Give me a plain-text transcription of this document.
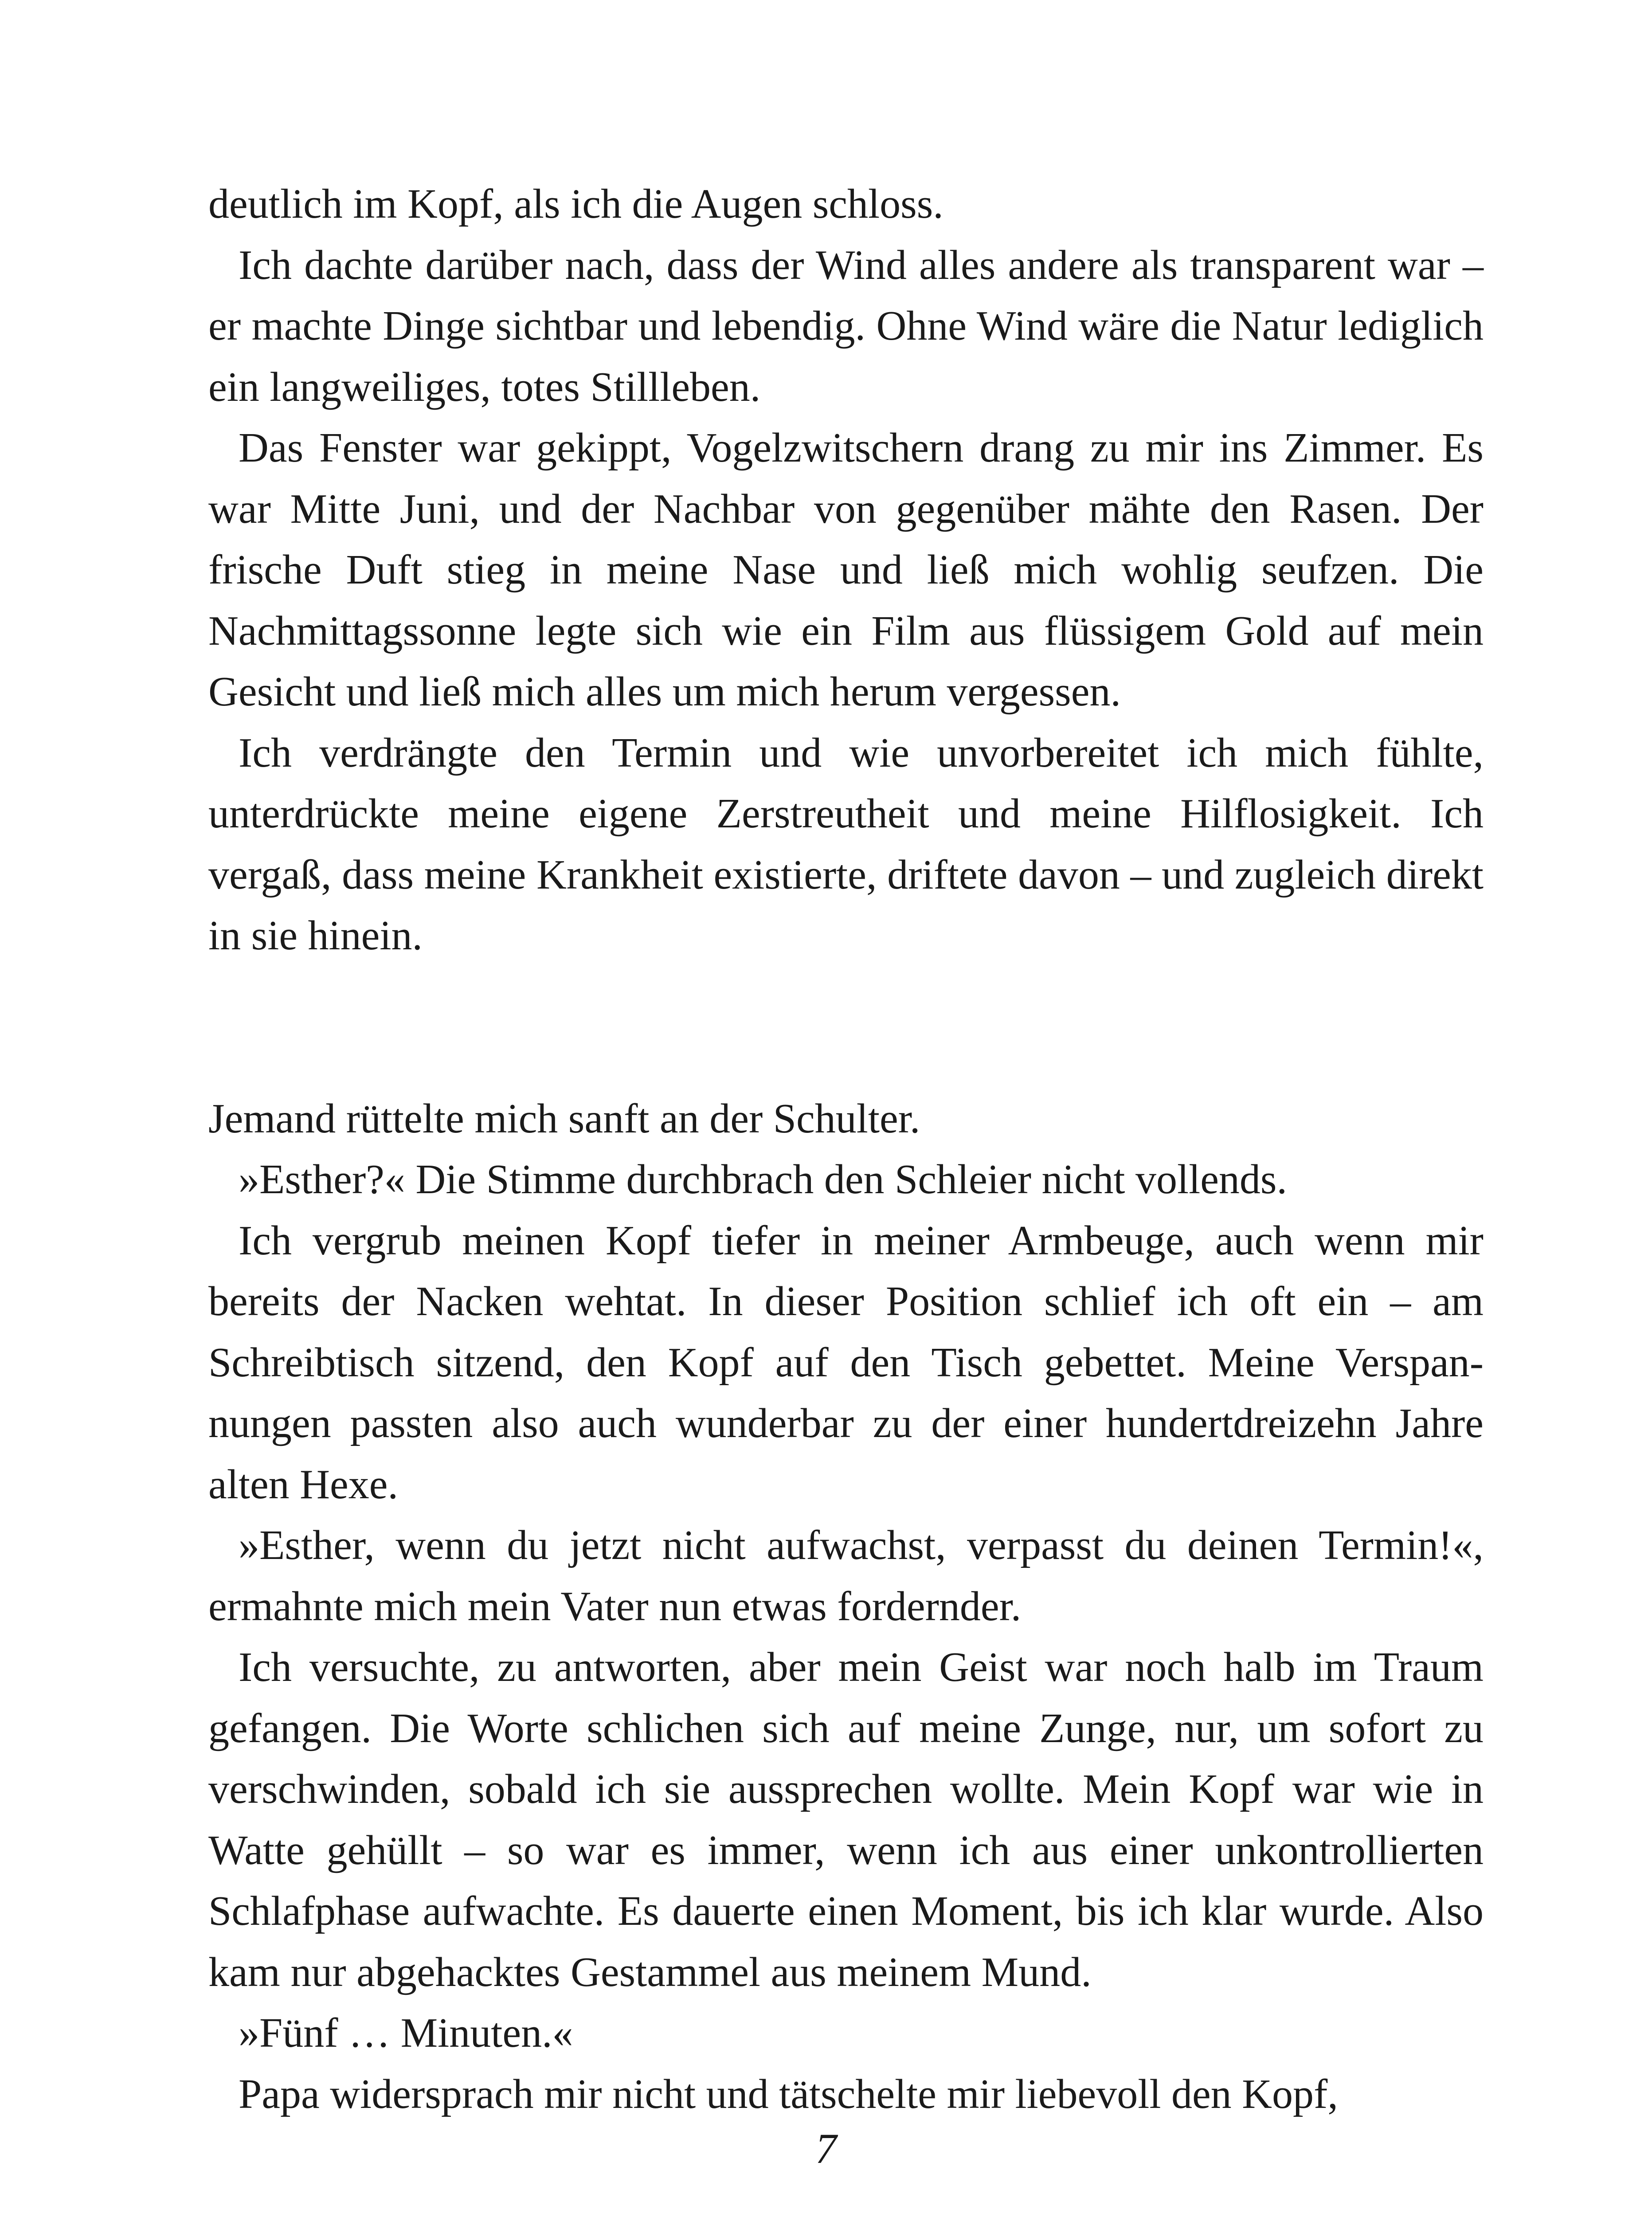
deutlich im Kopf, als ich die Augen schloss.

Ich dachte darüber nach, dass der Wind alles andere als transparent war – er machte Dinge sichtbar und lebendig. Ohne Wind wäre die Natur lediglich ein langweiliges, totes Stillleben.

Das Fenster war gekippt, Vogelzwitschern drang zu mir ins Zimmer. Es war Mitte Juni, und der Nachbar von gegenüber mähte den Rasen. Der frische Duft stieg in meine Nase und ließ mich wohlig seufzen. Die Nachmittagssonne legte sich wie ein Film aus flüssigem Gold auf mein Gesicht und ließ mich alles um mich herum vergessen.

Ich verdrängte den Termin und wie unvorbereitet ich mich fühlte, unterdrückte meine eigene Zerstreutheit und meine Hilflosigkeit. Ich vergaß, dass meine Krankheit existierte, driftete davon – und zugleich direkt in sie hinein.

Jemand rüttelte mich sanft an der Schulter.

»Esther?« Die Stimme durchbrach den Schleier nicht vollends.

Ich vergrub meinen Kopf tiefer in meiner Armbeuge, auch wenn mir bereits der Nacken wehtat. In dieser Position schlief ich oft ein – am Schreibtisch sitzend, den Kopf auf den Tisch gebettet. Meine Verspannungen passten also auch wunderbar zu der einer hundertdreizehn Jahre alten Hexe.

»Esther, wenn du jetzt nicht aufwachst, verpasst du deinen Termin!«, ermahnte mich mein Vater nun etwas fordernder.

Ich versuchte, zu antworten, aber mein Geist war noch halb im Traum gefangen. Die Worte schlichen sich auf meine Zunge, nur, um sofort zu verschwinden, sobald ich sie aussprechen wollte. Mein Kopf war wie in Watte gehüllt – so war es immer, wenn ich aus einer unkontrollierten Schlafphase aufwachte. Es dauerte einen Moment, bis ich klar wurde. Also kam nur abgehacktes Gestammel aus meinem Mund.

»Fünf … Minuten.«

Papa widersprach mir nicht und tätschelte mir liebevoll den Kopf,

7
